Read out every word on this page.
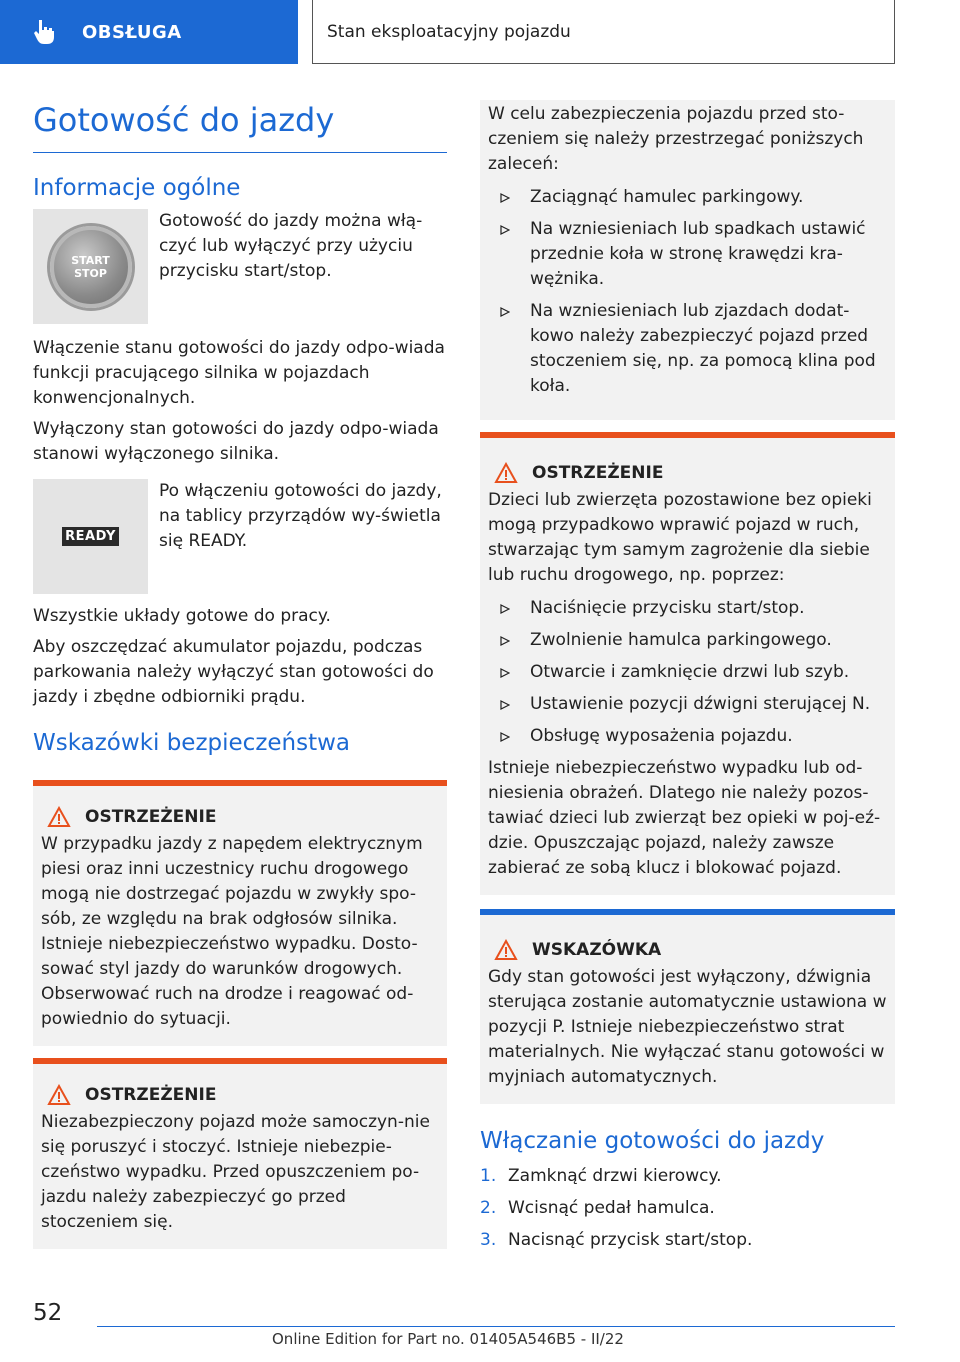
OBSŁUGA	Stan eksploatacyjny pojazdu
Gotowość do jazdy
Informacje ogólne
START
STOP

Gotowość do jazdy można włą-czyć lub wyłączyć przy użyciu przycisku start/stop.

Włączenie stanu gotowości do jazdy odpo-wiada funkcji pracującego silnika w pojazdach konwencjonalnych.

Wyłączony stan gotowości do jazdy odpo-wiada stanowi wyłączonego silnika.

READY

Po włączeniu gotowości do jazdy, na tablicy przyrządów wy-świetla się READY.

Wszystkie układy gotowe do pracy.

Aby oszczędzać akumulator pojazdu, podczas parkowania należy wyłączyć stan gotowości do jazdy i zbędne odbiorniki prądu.

Wskazówki bezpieczeństwa
OSTRZEŻENIE

W przypadku jazdy z napędem elektrycznym piesi oraz inni uczestnicy ruchu drogowego mogą nie dostrzegać pojazdu w zwykły spo-sób, ze względu na brak odgłosów silnika. Istnieje niebezpieczeństwo wypadku. Dosto-sować styl jazdy do warunków drogowych. Obserwować ruch na drodze i reagować od-powiednio do sytuacji.

OSTRZEŻENIE

Niezabezpieczony pojazd może samoczyn-nie się poruszyć i stoczyć. Istnieje niebezpie-czeństwo wypadku. Przed opuszczeniem po-jazdu należy zabezpieczyć go przed stoczeniem się.

W celu zabezpieczenia pojazdu przed sto-czeniem się należy przestrzegać poniższych zaleceń:

Zaciągnąć hamulec parkingowy.
Na wzniesieniach lub spadkach ustawić przednie koła w stronę krawędzi kra-wężnika.
Na wzniesieniach lub zjazdach dodat-kowo należy zabezpieczyć pojazd przed stoczeniem się, np. za pomocą klina pod koła.
OSTRZEŻENIE

Dzieci lub zwierzęta pozostawione bez opieki mogą przypadkowo wprawić pojazd w ruch, stwarzając tym samym zagrożenie dla siebie lub ruchu drogowego, np. poprzez:

Naciśnięcie przycisku start/stop.
Zwolnienie hamulca parkingowego.
Otwarcie i zamknięcie drzwi lub szyb.
Ustawienie pozycji dźwigni sterującej N.
Obsługę wyposażenia pojazdu.

Istnieje niebezpieczeństwo wypadku lub od-niesienia obrażeń. Dlatego nie należy pozos-tawiać dzieci lub zwierząt bez opieki w poj-eź-dzie. Opuszczając pojazd, należy zawsze zabierać ze sobą klucz i blokować pojazd.

WSKAZÓWKA

Gdy stan gotowości jest wyłączony, dźwignia sterująca zostanie automatycznie ustawiona w pozycji P. Istnieje niebezpieczeństwo strat materialnych. Nie wyłączać stanu gotowości w myjniach automatycznych.

Włączanie gotowości do jazdy
1. Zamknąć drzwi kierowcy.
2. Wcisnąć pedał hamulca.
3. Nacisnąć przycisk start/stop.
52
Online Edition for Part no. 01405A546B5 - II/22
